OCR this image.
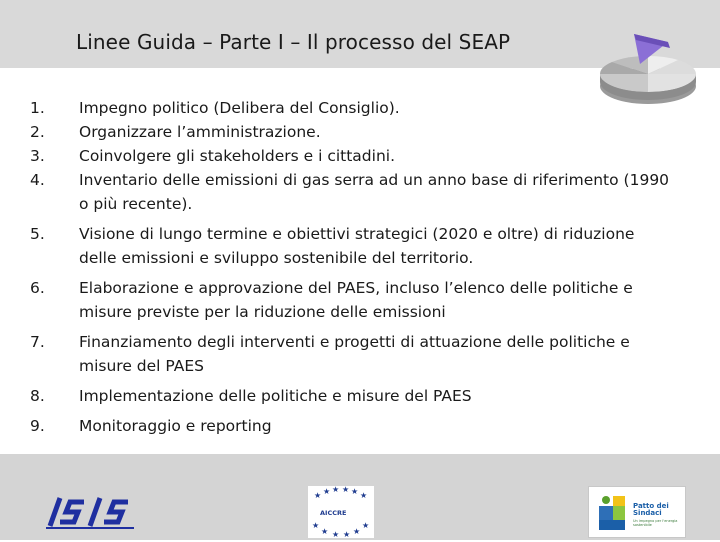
Linee Guida – Parte I – Il processo del SEAP
1.	Impegno politico (Delibera del Consiglio).
2.	Organizzare l’amministrazione.
3.	Coinvolgere gli stakeholders e i cittadini.
4.	Inventario delle emissioni di gas serra ad un anno base di riferimento (1990 o più recente).
5.	Visione di lungo termine e obiettivi strategici (2020 e oltre) di riduzione delle emissioni e sviluppo sostenibile del territorio.
6.	Elaborazione e approvazione del PAES, incluso l’elenco delle politiche e misure previste per la riduzione delle emissioni
7.	Finanziamento degli interventi e progetti di attuazione delle politiche e misure del PAES
8.	Implementazione delle politiche e misure del PAES
9.	Monitoraggio e reporting
★ ★ ★ ★ ★ ★
★
★ ★ ★ ★
★
AICCRE
Patto dei
Sindaci
Un impegno per l'energia sostenibile
